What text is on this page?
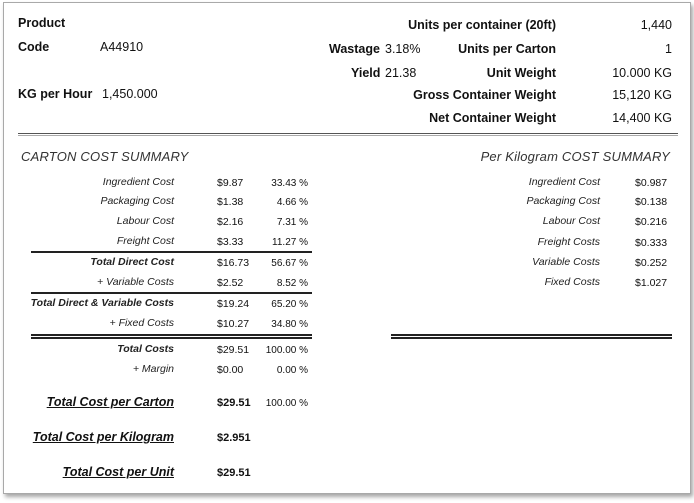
Product
Code	A44910
KG per Hour 1,450.000
Wastage 3.18%
Yield 21.38
Units per container (20ft)	1,440
Units per Carton	1
Unit Weight	10.000 KG
Gross Container Weight	15,120 KG
Net Container Weight	14,400 KG
CARTON COST SUMMARY
Ingredient Cost	$9.87	33.43 %
Packaging Cost	$1.38	4.66 %
Labour Cost	$2.16	7.31 %
Freight Cost	$3.33	11.27 %
Total Direct Cost	$16.73 56.67 %
+ Variable Costs	$2.52	8.52 %
Total Direct & Variable Costs	$19.24 65.20 %
+ Fixed Costs	$10.27 34.80 %
Total Costs	$29.51 100.00 %
+ Margin	$0.00	0.00 %
Per Kilogram COST SUMMARY
Ingredient Cost	$0.987
Packaging Cost	$0.138
Labour Cost	$0.216
Freight Costs	$0.333
Variable Costs	$0.252
Fixed Costs	$1.027
Total Cost per Carton	$29.51 100.00 %
Total Cost per Kilogram	$2.951
Total Cost per Unit	$29.51
